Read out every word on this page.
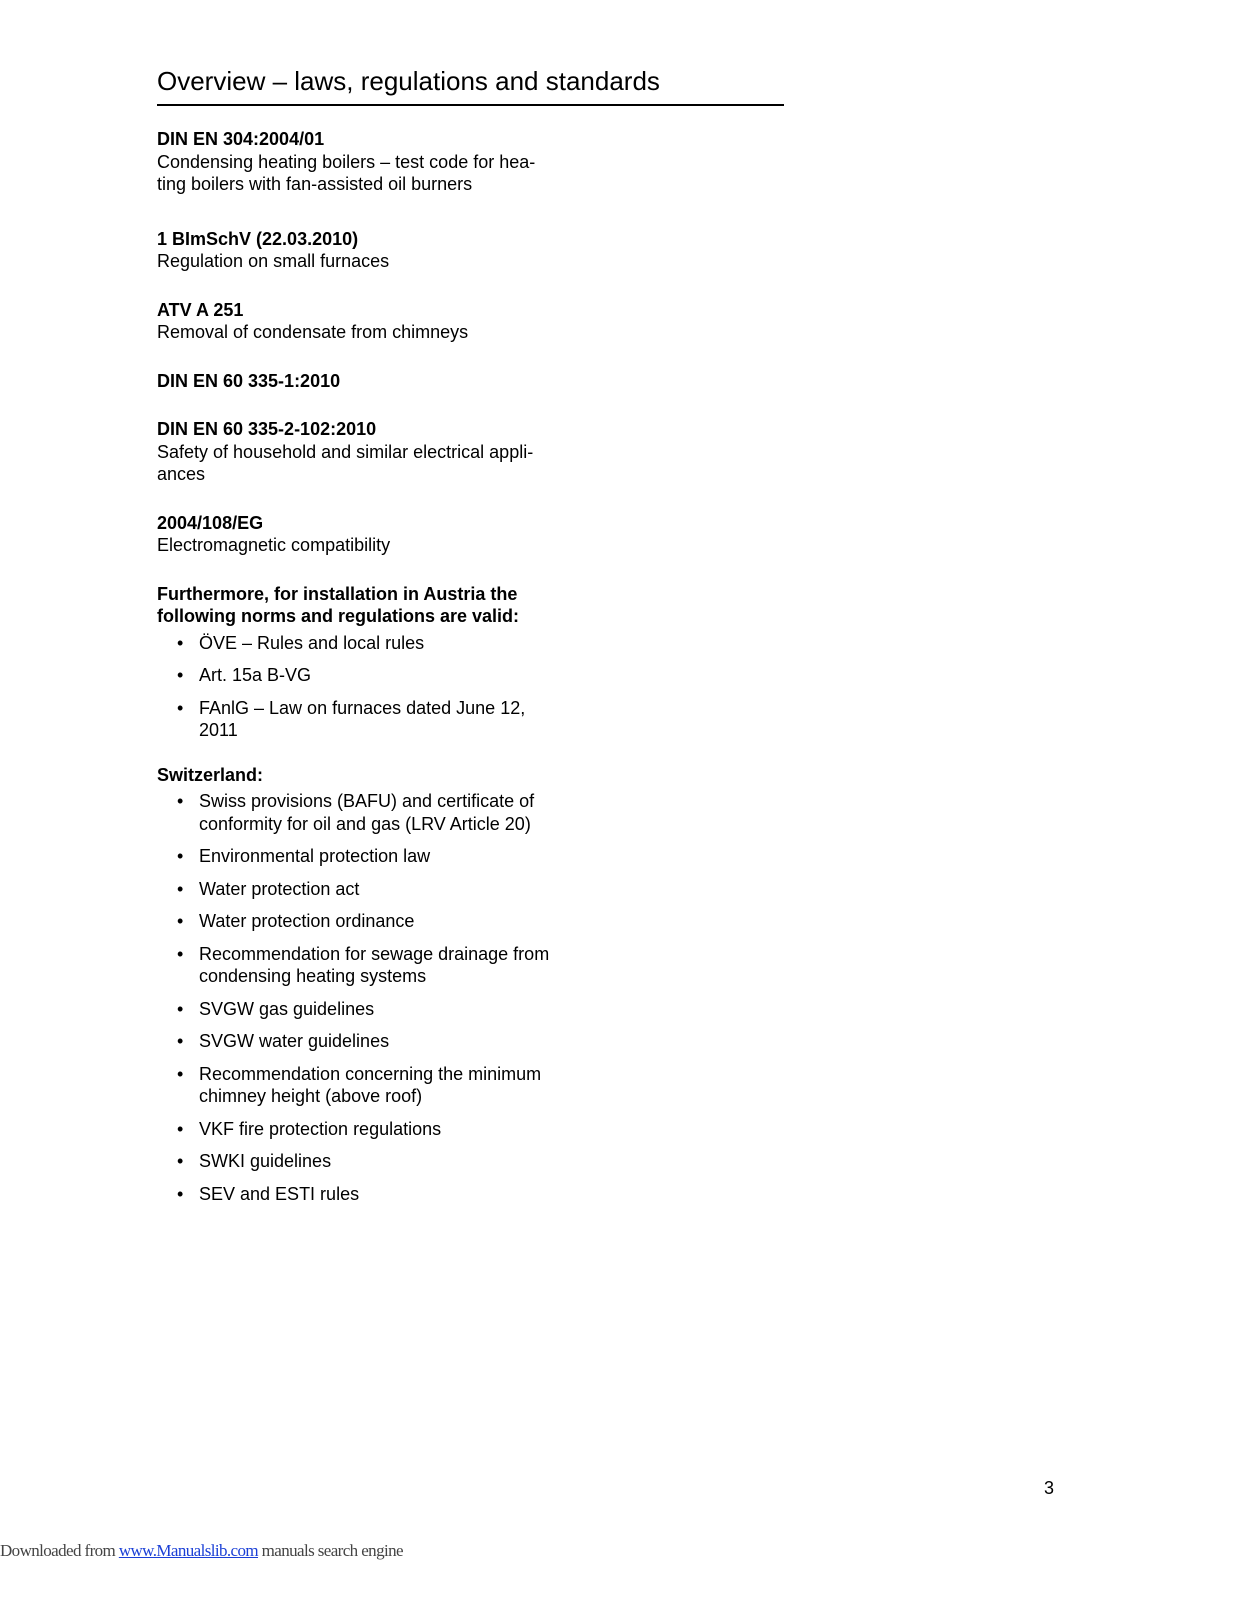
Overview – laws, regulations and standards
DIN EN 304:2004/01
Condensing heating boilers – test code for hea-
ting boilers with fan-assisted oil burners
1 BImSchV (22.03.2010)
Regulation on small furnaces
ATV A 251
Removal of condensate from chimneys
DIN EN 60 335-1:2010
DIN EN 60 335-2-102:2010
Safety of household and similar electrical appli-
ances
2004/108/EG
Electromagnetic compatibility
Furthermore, for installation in Austria the
following norms and regulations are valid:
• ÖVE – Rules and local rules
• Art. 15a B-VG
• FAnlG – Law on furnaces dated June 12,
2011
Switzerland:
• Swiss provisions (BAFU) and certificate of
conformity for oil and gas (LRV Article 20)
• Environmental protection law
• Water protection act
• Water protection ordinance
• Recommendation for sewage drainage from
condensing heating systems
• SVGW gas guidelines
• SVGW water guidelines
• Recommendation concerning the minimum
chimney height (above roof)
• VKF fire protection regulations
• SWKI guidelines
• SEV and ESTI rules
3
Downloaded from www.Manualslib.com manuals search engine
